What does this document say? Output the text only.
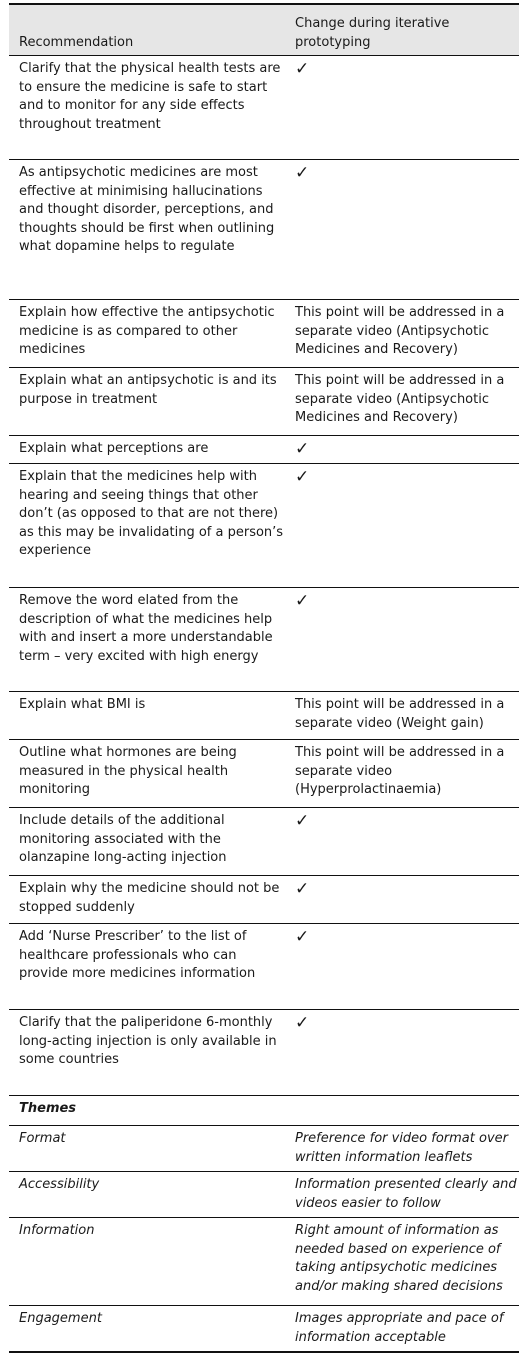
Recommendation	Change during iterative prototyping
Clarify that the physical health tests are to ensure the medicine is safe to start and to monitor for any side effects throughout treatment	✓
As antipsychotic medicines are most effective at minimising hallucinations and thought disorder, perceptions, and thoughts should be first when outlining what dopamine helps to regulate	✓
Explain how effective the antipsychotic medicine is as compared to other medicines	This point will be addressed in a separate video (Antipsychotic Medicines and Recovery)
Explain what an antipsychotic is and its purpose in treatment	This point will be addressed in a separate video (Antipsychotic Medicines and Recovery)
Explain what perceptions are	✓
Explain that the medicines help with hearing and seeing things that other don’t (as opposed to that are not there) as this may be invalidating of a person’s experience	✓
Remove the word elated from the description of what the medicines help with and insert a more understandable term – very excited with high energy	✓
Explain what BMI is	This point will be addressed in a separate video (Weight gain)
Outline what hormones are being measured in the physical health monitoring	This point will be addressed in a separate video (Hyperprolactinaemia)
Include details of the additional monitoring associated with the olanzapine long-acting injection	✓
Explain why the medicine should not be stopped suddenly	✓
Add ‘Nurse Prescriber’ to the list of healthcare professionals who can provide more medicines information	✓
Clarify that the paliperidone 6-monthly long-acting injection is only available in some countries	✓
Themes	
Format	Preference for video format over written information leaflets
Accessibility	Information presented clearly and videos easier to follow
Information	Right amount of information as needed based on experience of taking antipsychotic medicines and/or making shared decisions
Engagement	Images appropriate and pace of information acceptable
